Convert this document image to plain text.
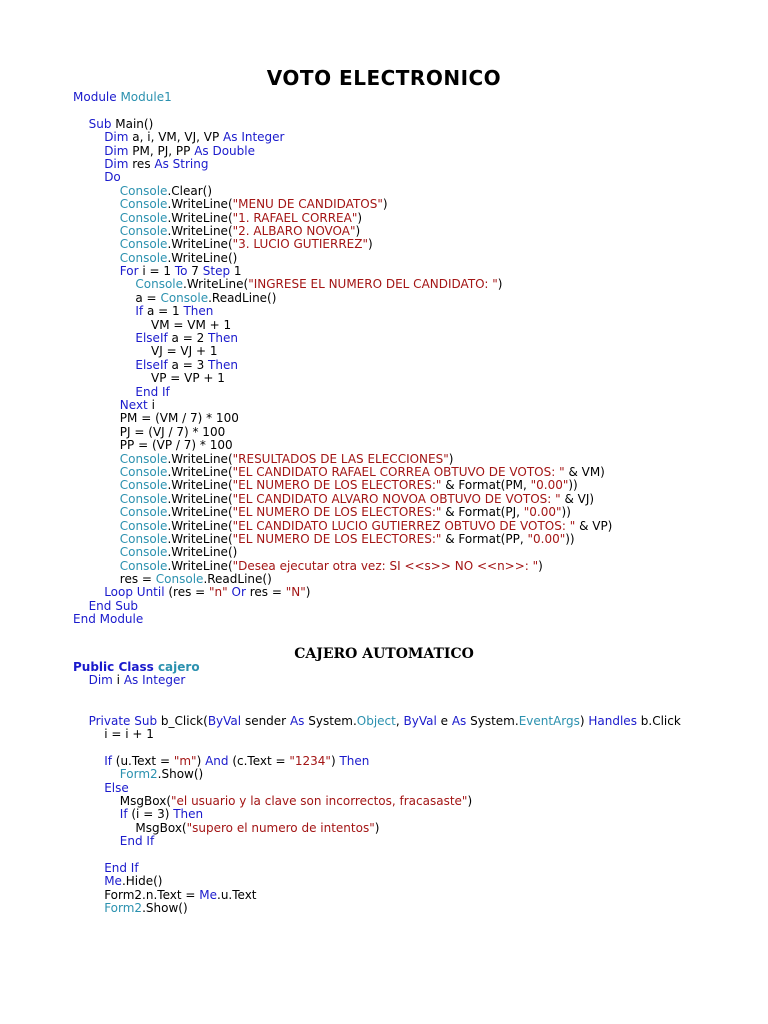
VOTO ELECTRONICO
Module Module1

Sub Main()
Dim a, i, VM, VJ, VP As Integer
Dim PM, PJ, PP As Double
Dim res As String
Do
Console.Clear()
Console.WriteLine("MENU DE CANDIDATOS")
Console.WriteLine("1. RAFAEL CORREA")
Console.WriteLine("2. ALBARO NOVOA")
Console.WriteLine("3. LUCIO GUTIERREZ")
Console.WriteLine()
For i = 1 To 7 Step 1
Console.WriteLine("INGRESE EL NUMERO DEL CANDIDATO: ")
a = Console.ReadLine()
If a = 1 Then
VM = VM + 1
ElseIf a = 2 Then
VJ = VJ + 1
ElseIf a = 3 Then
VP = VP + 1
End If
Next i
PM = (VM / 7) * 100
PJ = (VJ / 7) * 100
PP = (VP / 7) * 100
Console.WriteLine("RESULTADOS DE LAS ELECCIONES")
Console.WriteLine("EL CANDIDATO RAFAEL CORREA OBTUVO DE VOTOS: " & VM)
Console.WriteLine("EL NUMERO DE LOS ELECTORES:" & Format(PM, "0.00"))
Console.WriteLine("EL CANDIDATO ALVARO NOVOA OBTUVO DE VOTOS: " & VJ)
Console.WriteLine("EL NUMERO DE LOS ELECTORES:" & Format(PJ, "0.00"))
Console.WriteLine("EL CANDIDATO LUCIO GUTIERREZ OBTUVO DE VOTOS: " & VP)
Console.WriteLine("EL NUMERO DE LOS ELECTORES:" & Format(PP, "0.00"))
Console.WriteLine()
Console.WriteLine("Desea ejecutar otra vez: SI <<s>> NO <<n>>: ")
res = Console.ReadLine()
Loop Until (res = "n" Or res = "N")
End Sub
End Module
CAJERO AUTOMATICO
Public Class cajero
Dim i As Integer

Private Sub b_Click(ByVal sender As System.Object, ByVal e As System.EventArgs) Handles b.Click
i = i + 1

If (u.Text = "m") And (c.Text = "1234") Then
Form2.Show()
Else
MsgBox("el usuario y la clave son incorrectos, fracasaste")
If (i = 3) Then
MsgBox("supero el numero de intentos")
End If

End If
Me.Hide()
Form2.n.Text = Me.u.Text
Form2.Show()
